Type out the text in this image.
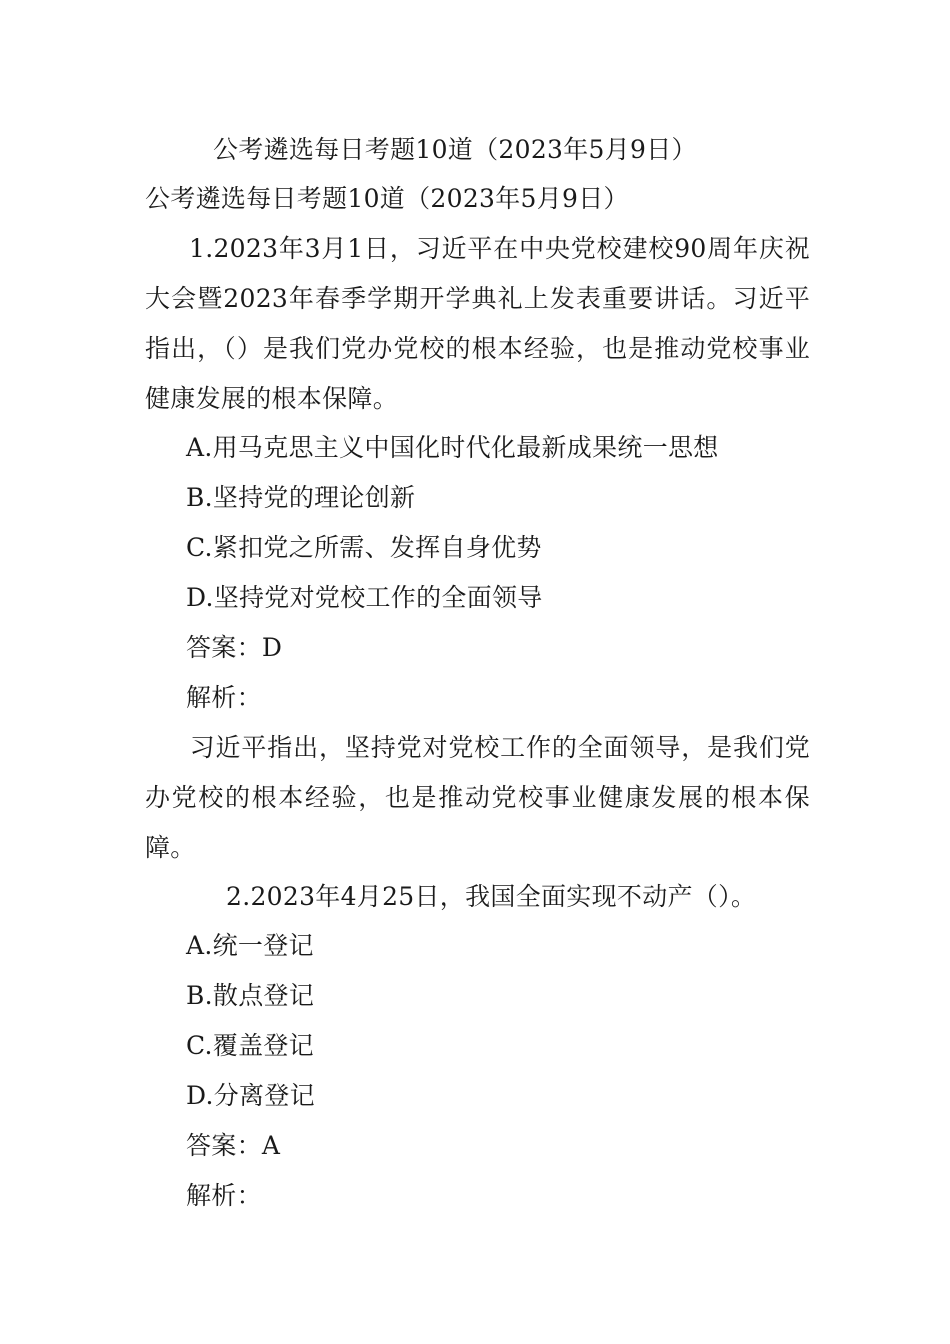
公考遴选每日考题10道（2023年5月9日）
公考遴选每日考题10道（2023年5月9日）
1.2023年3月1日，习近平在中央党校建校90周年庆祝大会暨2023年春季学期开学典礼上发表重要讲话。习近平指出，（）是我们党办党校的根本经验，也是推动党校事业健康发展的根本保障。
A.用马克思主义中国化时代化最新成果统一思想
B.坚持党的理论创新
C.紧扣党之所需、发挥自身优势
D.坚持党对党校工作的全面领导
答案：D
解析：
习近平指出，坚持党对党校工作的全面领导，是我们党办党校的根本经验，也是推动党校事业健康发展的根本保障。
2.2023年4月25日，我国全面实现不动产（）。
A.统一登记
B.散点登记
C.覆盖登记
D.分离登记
答案：A
解析：
